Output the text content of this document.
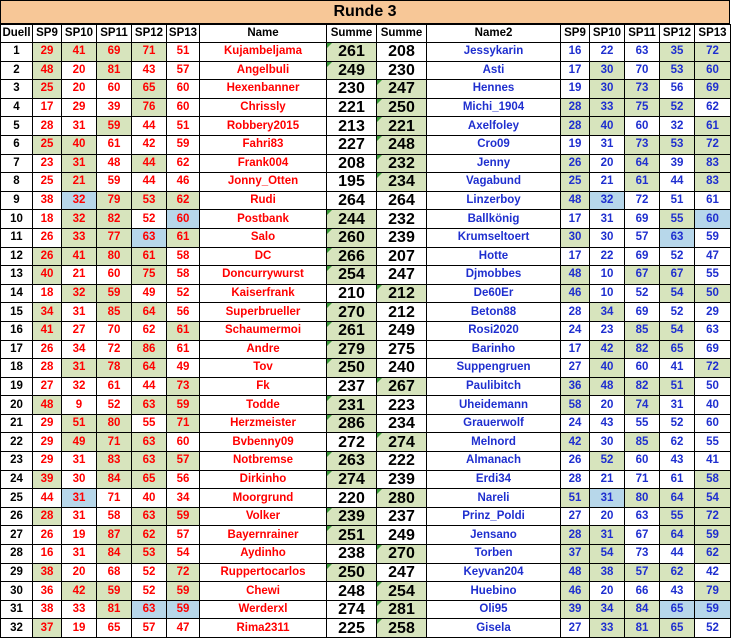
Runde 3
Duell	SP9	SP10	SP11	SP12	SP13	Name	Summe	Summe	Name2	SP9	SP10	SP11	SP12	SP13
1	29	41	69	71	51	Kujambeljama	261	208	Jessykarin	16	22	63	35	72
2	48	20	81	43	57	Angelbuli	249	230	Asti	17	30	70	53	60
3	25	20	60	65	60	Hexenbanner	230	247	Hennes	19	30	73	56	69
4	17	29	39	76	60	Chrissly	221	250	Michi_1904	28	33	75	52	62
5	28	31	59	44	51	Robbery2015	213	221	Axelfoley	28	40	60	32	61
6	25	40	61	42	59	Fahri83	227	248	Cro09	19	31	73	53	72
7	23	31	48	44	62	Frank004	208	232	Jenny	26	20	64	39	83
8	25	21	59	44	46	Jonny_Otten	195	234	Vagabund	25	21	61	44	83
9	38	32	79	53	62	Rudi	264	264	Linzerboy	48	32	72	51	61
10	18	32	82	52	60	Postbank	244	232	Ballkönig	17	31	69	55	60
11	26	33	77	63	61	Salo	260	239	Krumseltoert	30	30	57	63	59
12	26	41	80	61	58	DC	266	207	Hotte	17	22	69	52	47
13	40	21	60	75	58	Doncurrywurst	254	247	Djmobbes	48	10	67	67	55
14	18	32	59	49	52	Kaiserfrank	210	212	De60Er	46	10	52	54	50
15	34	31	85	64	56	Superbrueller	270	212	Beton88	28	34	69	52	29
16	41	27	70	62	61	Schaumermoi	261	249	Rosi2020	24	23	85	54	63
17	26	34	72	86	61	Andre	279	275	Barinho	17	42	82	65	69
18	28	31	78	64	49	Tov	250	240	Suppengruen	27	40	60	41	72
19	27	32	61	44	73	Fk	237	267	Paulibitch	36	48	82	51	50
20	48	9	52	63	59	Todde	231	223	Uheidemann	58	20	74	31	40
21	29	51	80	55	71	Herzmeister	286	234	Grauerwolf	24	43	55	52	60
22	29	49	71	63	60	Bvbenny09	272	274	Melnord	42	30	85	62	55
23	29	31	83	63	57	Notbremse	263	222	Almanach	26	52	60	43	41
24	39	30	84	65	56	Dirkinho	274	239	Erdi34	28	21	71	61	58
25	44	31	71	40	34	Moorgrund	220	280	Nareli	51	31	80	64	54
26	28	31	58	63	59	Volker	239	237	Prinz_Poldi	27	20	63	55	72
27	26	19	87	62	57	Bayernrainer	251	249	Jensano	28	31	67	64	59
28	16	31	84	53	54	Aydinho	238	270	Torben	37	54	73	44	62
29	38	20	68	52	72	Ruppertocarlos	250	247	Keyvan204	48	38	57	62	42
30	36	42	59	52	59	Chewi	248	254	Huebino	46	20	66	43	79
31	38	33	81	63	59	Werderxl	274	281	Oli95	39	34	84	65	59
32	37	19	65	57	47	Rima2311	225	258	Gisela	27	33	81	65	52
